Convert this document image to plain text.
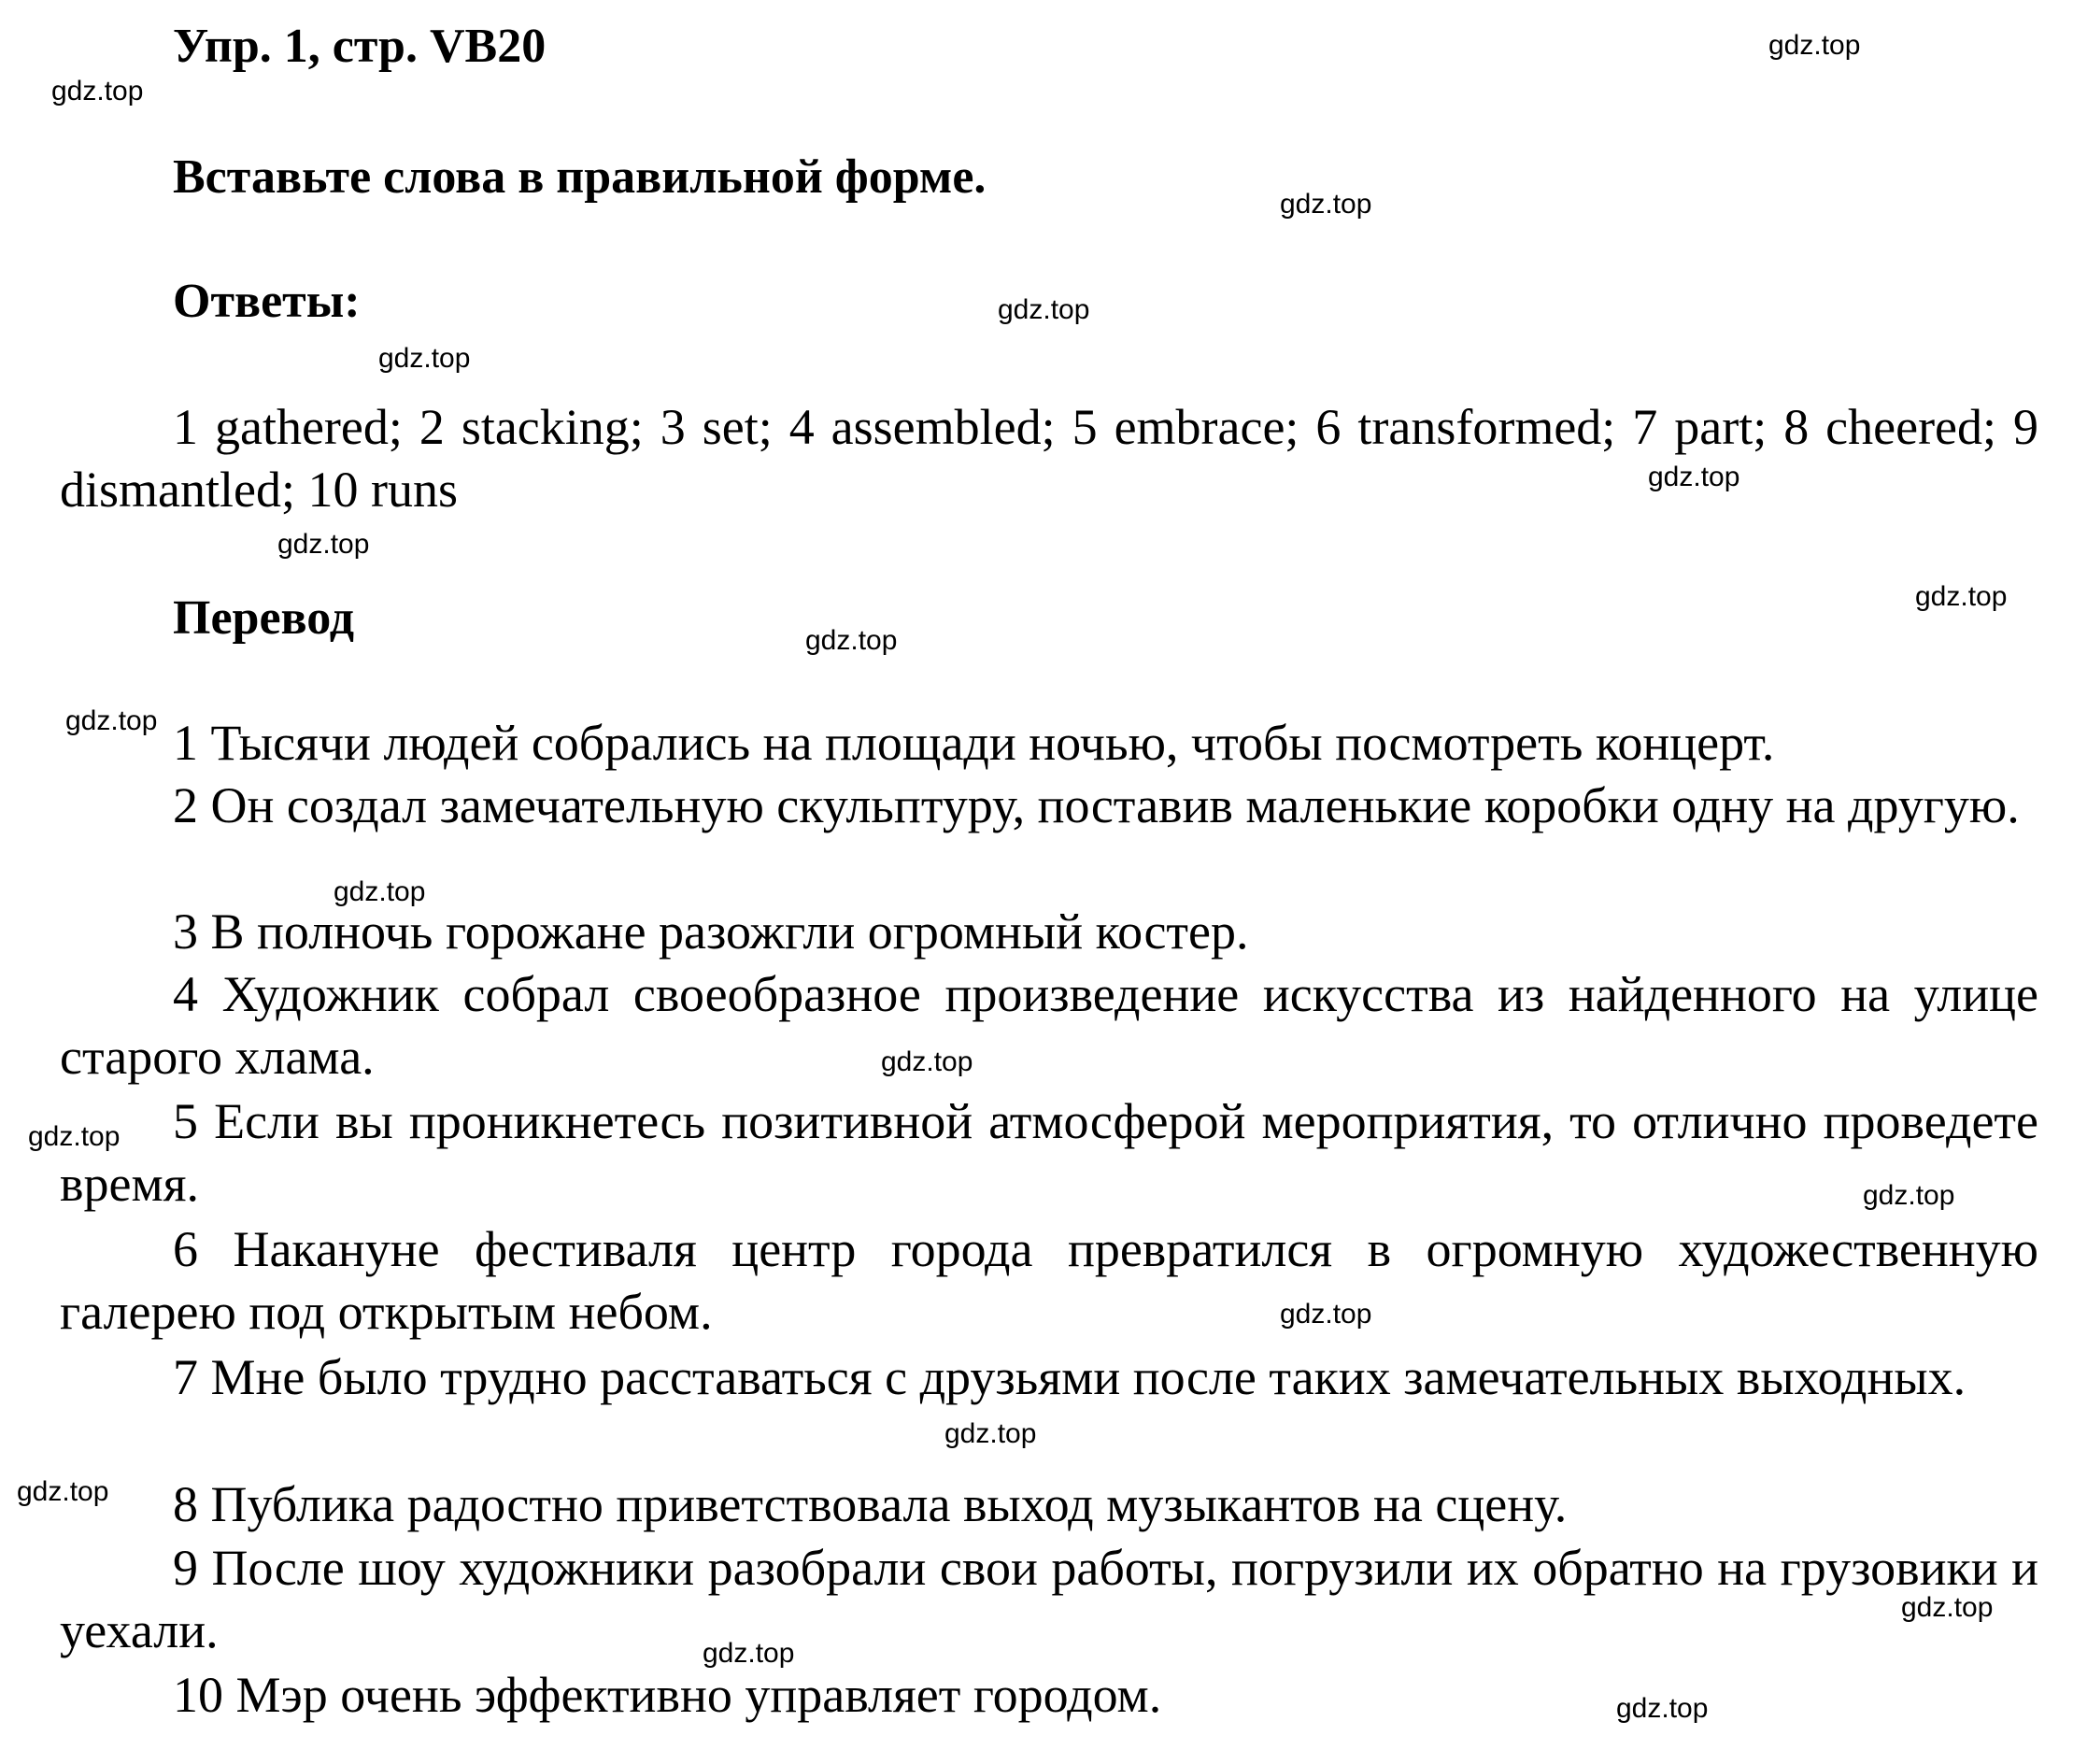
Упр. 1, стр. VB20
Вставьте слова в правильной форме.
Ответы:

1 gathered; 2 stacking; 3 set; 4 assembled; 5 embrace; 6 transformed; 7 part; 8 cheered; 9 dismantled; 10 runs

Перевод

1 Тысячи людей собрались на площади ночью, чтобы посмотреть концерт.

2 Он создал замечательную скульптуру, поставив маленькие коробки одну на другую.

3 В полночь горожане разожгли огромный костер.

4 Художник собрал своеобразное произведение искусства из найденного на улице старого хлама.

5 Если вы проникнетесь позитивной атмосферой мероприятия, то отлично проведете время.

6 Накануне фестиваля центр города превратился в огромную художественную галерею под открытым небом.

7 Мне было трудно расставаться с друзьями после таких замечательных выходных.

8 Публика радостно приветствовала выход музыкантов на сцену.

9 После шоу художники разобрали свои работы, погрузили их обратно на грузовики и уехали.

10 Мэр очень эффективно управляет городом.

gdz.top
gdz.top
gdz.top
gdz.top
gdz.top
gdz.top
gdz.top
gdz.top
gdz.top
gdz.top
gdz.top
gdz.top
gdz.top
gdz.top
gdz.top
gdz.top
gdz.top
gdz.top
gdz.top
gdz.top
